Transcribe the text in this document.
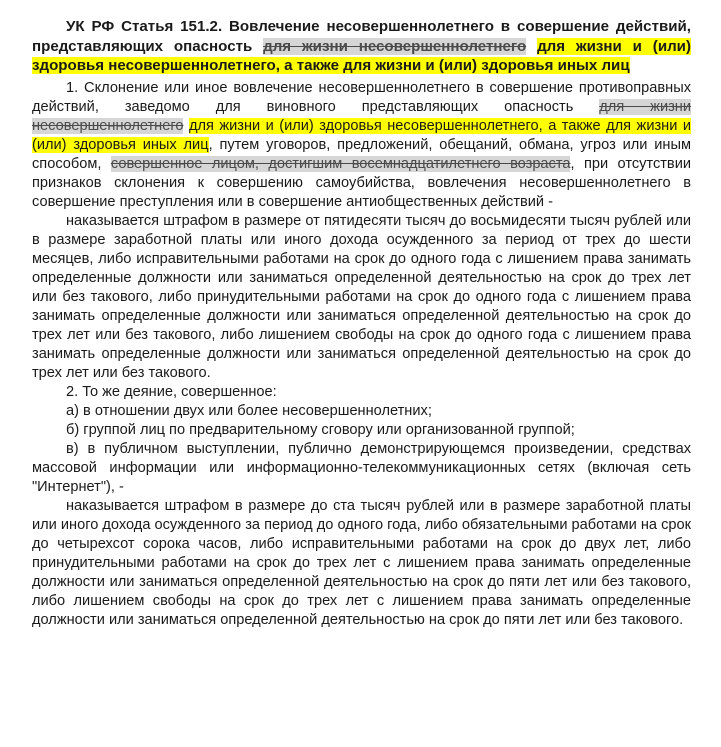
УК РФ Статья 151.2. Вовлечение несовершеннолетнего в совершение действий, представляющих опасность для жизни несовершеннолетнего для жизни и (или) здоровья несовершеннолетнего, а также для жизни и (или) здоровья иных лиц

1. Склонение или иное вовлечение несовершеннолетнего в совершение противоправных действий, заведомо для виновного представляющих опасность для жизни несовершеннолетнего для жизни и (или) здоровья несовершеннолетнего, а также для жизни и (или) здоровья иных лиц, путем уговоров, предложений, обещаний, обмана, угроз или иным способом, совершенное лицом, достигшим восемнадцатилетнего возраста, при отсутствии признаков склонения к совершению самоубийства, вовлечения несовершеннолетнего в совершение преступления или в совершение антиобщественных действий -

наказывается штрафом в размере от пятидесяти тысяч до восьмидесяти тысяч рублей или в размере заработной платы или иного дохода осужденного за период от трех до шести месяцев, либо исправительными работами на срок до одного года с лишением права занимать определенные должности или заниматься определенной деятельностью на срок до трех лет или без такового, либо принудительными работами на срок до одного года с лишением права занимать определенные должности или заниматься определенной деятельностью на срок до трех лет или без такового, либо лишением свободы на срок до одного года с лишением права занимать определенные должности или заниматься определенной деятельностью на срок до трех лет или без такового.

2. То же деяние, совершенное:

а) в отношении двух или более несовершеннолетних;

б) группой лиц по предварительному сговору или организованной группой;

в) в публичном выступлении, публично демонстрирующемся произведении, средствах массовой информации или информационно-телекоммуникационных сетях (включая сеть "Интернет"), -

наказывается штрафом в размере до ста тысяч рублей или в размере заработной платы или иного дохода осужденного за период до одного года, либо обязательными работами на срок до четырехсот сорока часов, либо исправительными работами на срок до двух лет, либо принудительными работами на срок до трех лет с лишением права занимать определенные должности или заниматься определенной деятельностью на срок до пяти лет или без такового, либо лишением свободы на срок до трех лет с лишением права занимать определенные должности или заниматься определенной деятельностью на срок до пяти лет или без такового.
